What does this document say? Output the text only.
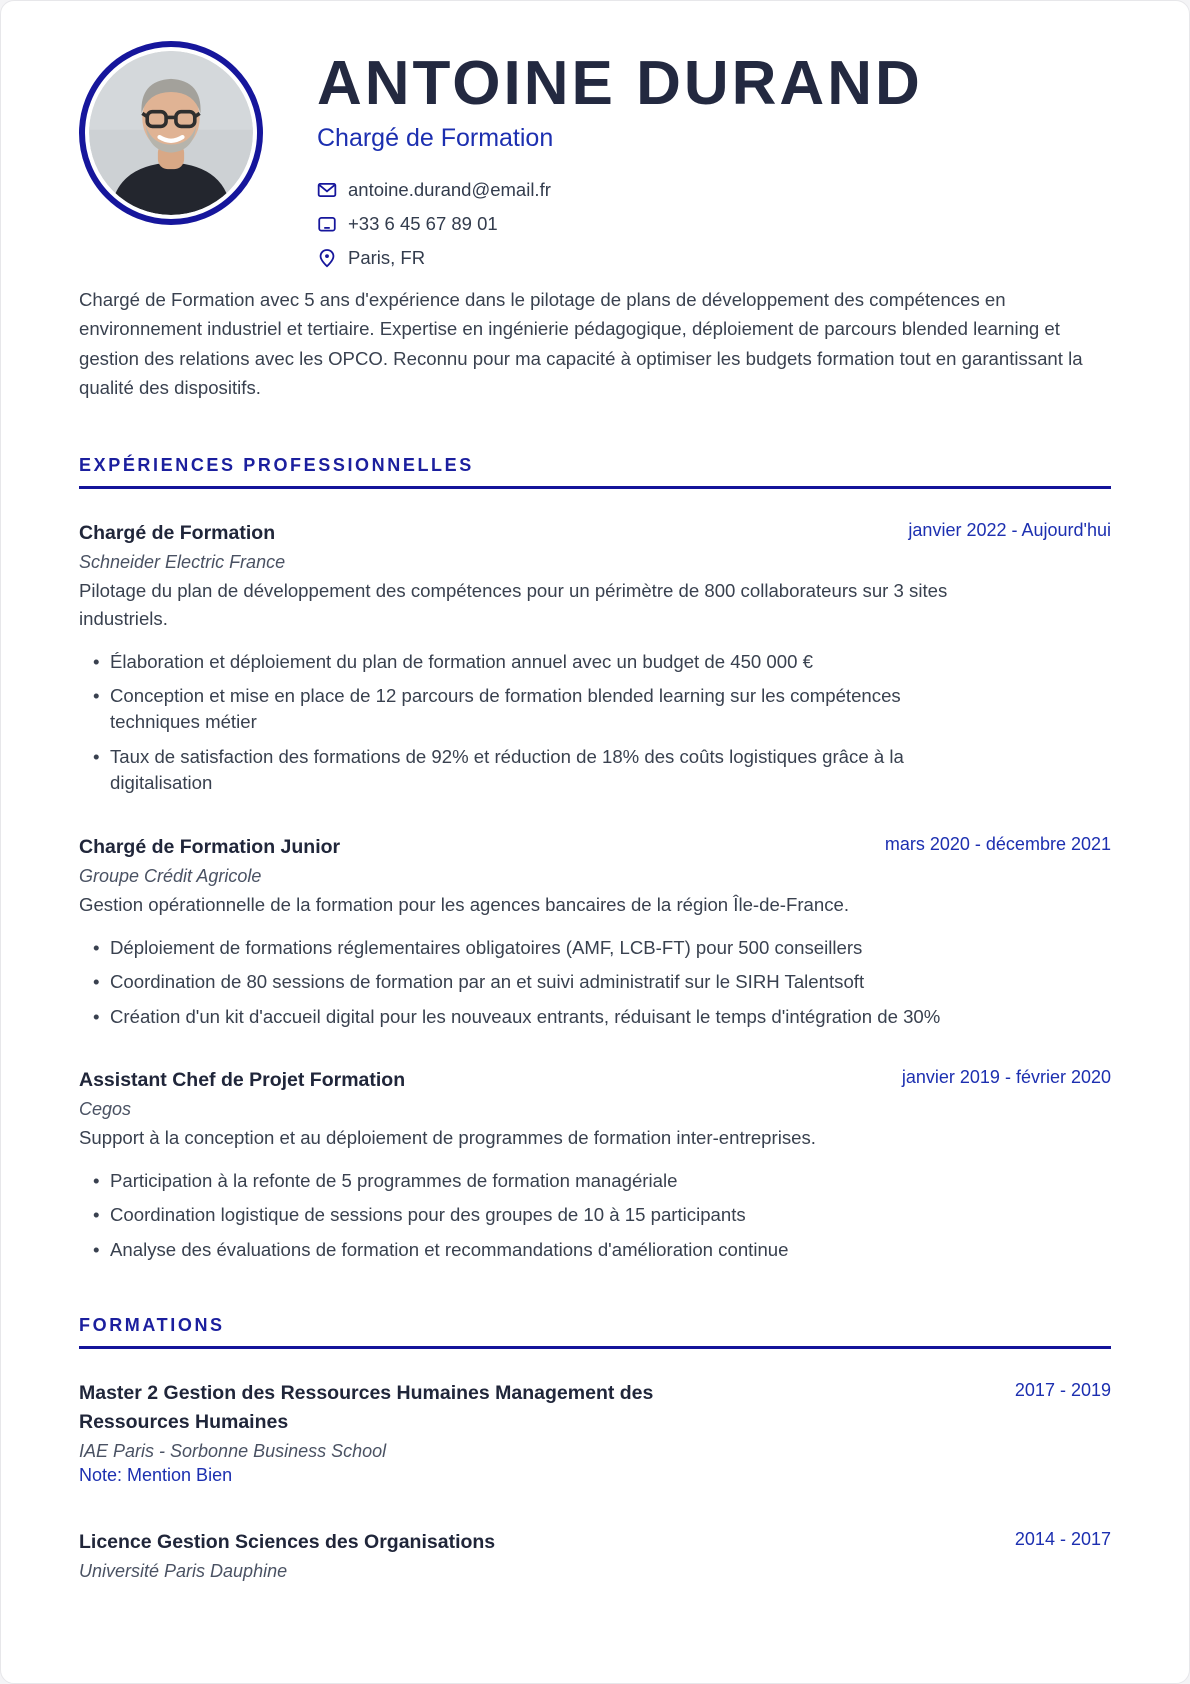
ANTOINE DURAND
Chargé de Formation
antoine.durand@email.fr
+33 6 45 67 89 01
Paris, FR

Chargé de Formation avec 5 ans d'expérience dans le pilotage de plans de développement des compétences en environnement industriel et tertiaire. Expertise en ingénierie pédagogique, déploiement de parcours blended learning et gestion des relations avec les OPCO. Reconnu pour ma capacité à optimiser les budgets formation tout en garantissant la qualité des dispositifs.

EXPÉRIENCES PROFESSIONNELLES
Chargé de Formation	janvier 2022 - Aujourd'hui
Schneider Electric France
Pilotage du plan de développement des compétences pour un périmètre de 800 collaborateurs sur 3 sites industriels.
• Élaboration et déploiement du plan de formation annuel avec un budget de 450 000 €
• Conception et mise en place de 12 parcours de formation blended learning sur les compétences techniques métier
• Taux de satisfaction des formations de 92% et réduction de 18% des coûts logistiques grâce à la digitalisation
Chargé de Formation Junior	mars 2020 - décembre 2021
Groupe Crédit Agricole
Gestion opérationnelle de la formation pour les agences bancaires de la région Île-de-France.
• Déploiement de formations réglementaires obligatoires (AMF, LCB-FT) pour 500 conseillers
• Coordination de 80 sessions de formation par an et suivi administratif sur le SIRH Talentsoft
• Création d'un kit d'accueil digital pour les nouveaux entrants, réduisant le temps d'intégration de 30%
Assistant Chef de Projet Formation	janvier 2019 - février 2020
Cegos
Support à la conception et au déploiement de programmes de formation inter-entreprises.
• Participation à la refonte de 5 programmes de formation managériale
• Coordination logistique de sessions pour des groupes de 10 à 15 participants
• Analyse des évaluations de formation et recommandations d'amélioration continue
FORMATIONS
Master 2 Gestion des Ressources Humaines Management des Ressources Humaines
2017 - 2019
IAE Paris - Sorbonne Business School
Note: Mention Bien
Licence Gestion Sciences des Organisations	2014 - 2017
Université Paris Dauphine
